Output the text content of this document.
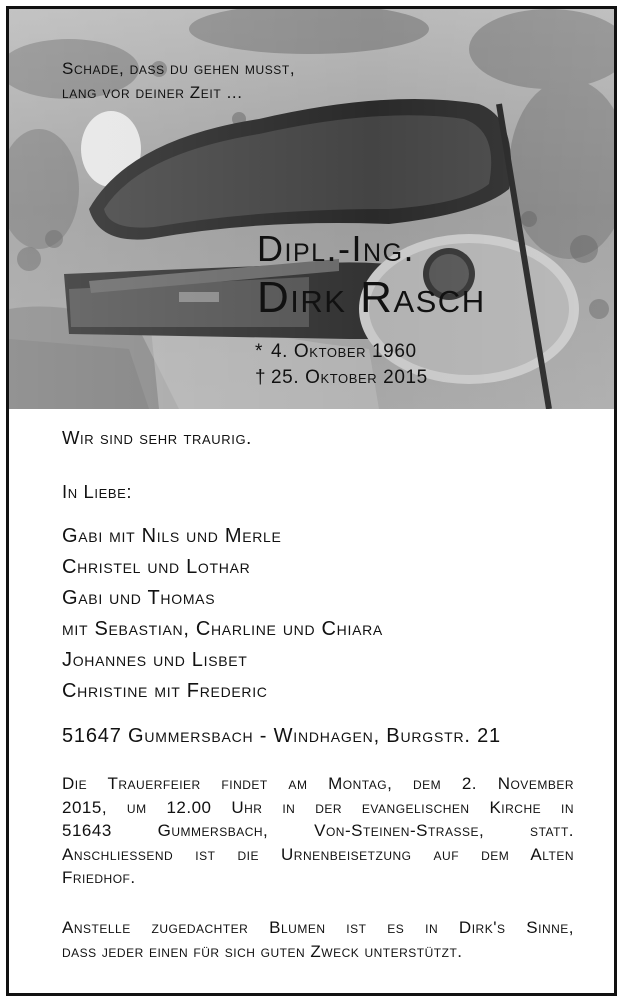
Schade, dass du gehen musst,
lang vor deiner Zeit ...
Dipl.-Ing.
Dirk Rasch
* 4. Oktober 1960
† 25. Oktober 2015
Wir sind sehr traurig.
In Liebe:
Gabi mit Nils und Merle
Christel und Lothar
Gabi und Thomas
mit Sebastian, Charline und Chiara
Johannes und Lisbet
Christine mit Frederic
51647 Gummersbach - Windhagen, Burgstr. 21
Die Trauerfeier findet am Montag, dem 2. November
2015, um 12.00 Uhr in der evangelischen Kirche in
51643 Gummersbach, Von-Steinen-Strasse, statt.
Anschliessend ist die Urnenbeisetzung auf dem Alten
Friedhof.
Anstelle zugedachter Blumen ist es in Dirk's Sinne,
dass jeder einen für sich guten Zweck unterstützt.
